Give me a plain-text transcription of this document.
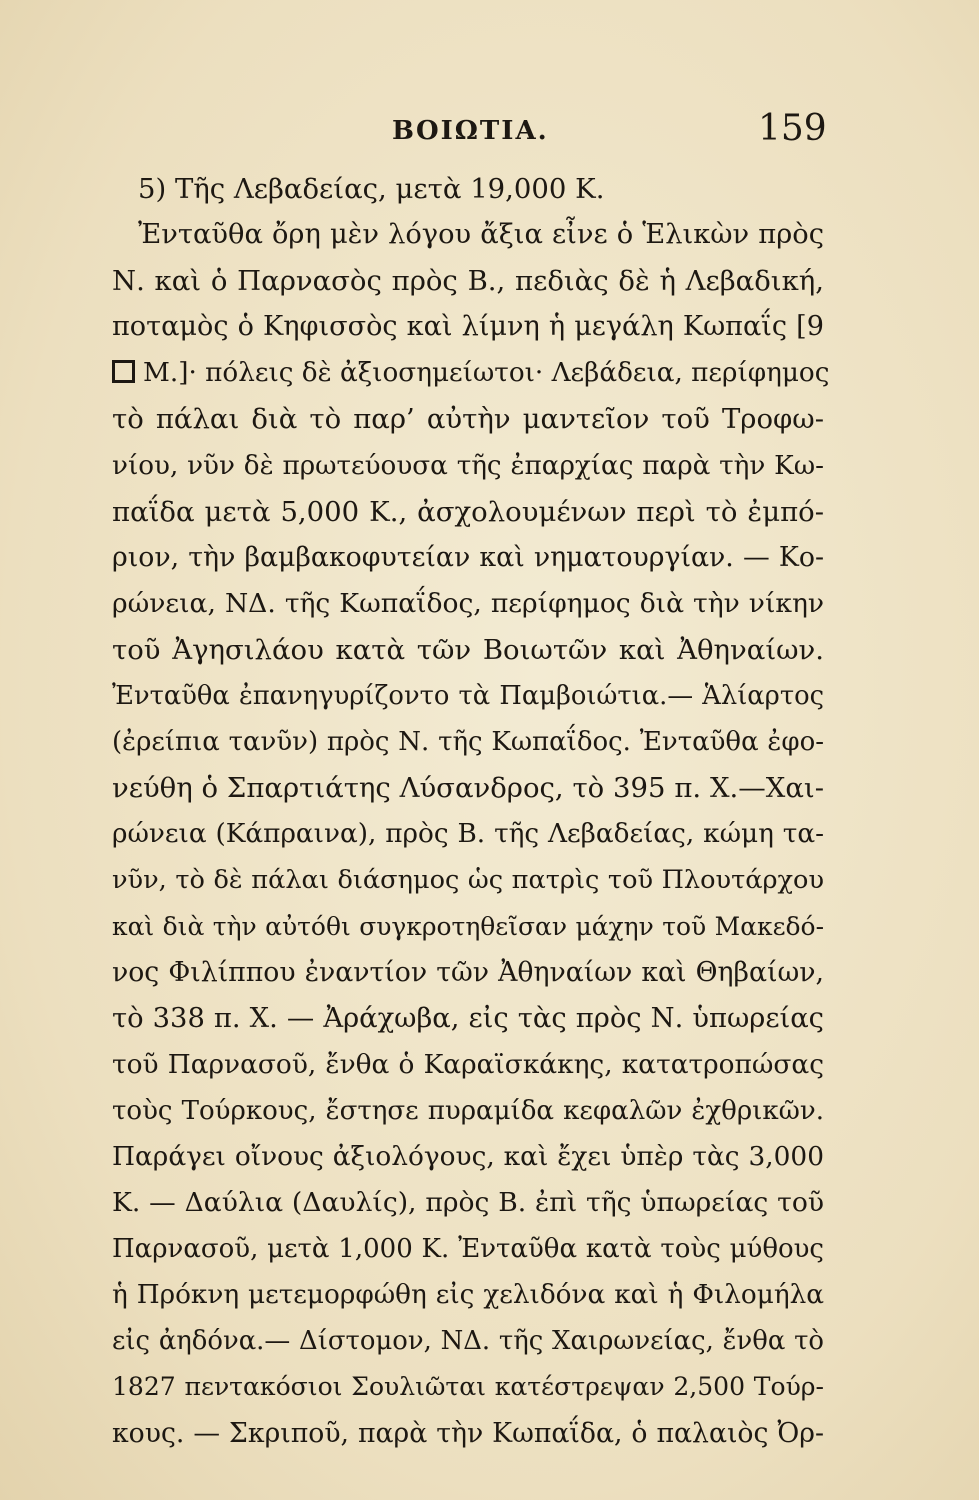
ΒΟΙΩΤΙΑ.	159
5) Τῆς Λεβαδείας, μετὰ 19,000 Κ.
Ἐνταῦθα ὄρη μὲν λόγου ἄξια εἶνε ὁ Ἑλικὼν πρὸς
Ν. καὶ ὁ Παρνασὸς πρὸς Β., πεδιὰς δὲ ἡ Λεβαδική,
ποταμὸς ὁ Κηφισσὸς καὶ λίμνη ἡ μεγάλη Κωπαΐς [9
Μ.]· πόλεις δὲ ἀξιοσημείωτοι· Λεβάδεια, περίφημος
τὸ πάλαι διὰ τὸ παρ’ αὐτὴν μαντεῖον τοῦ Τροφω-
νίου, νῦν δὲ πρωτεύουσα τῆς ἐπαρχίας παρὰ τὴν Κω-
παΐδα μετὰ 5,000 Κ., ἀσχολουμένων περὶ τὸ ἐμπό-
ριον, τὴν βαμβακοφυτείαν καὶ νηματουργίαν. — Κο-
ρώνεια, ΝΔ. τῆς Κωπαΐδος, περίφημος διὰ τὴν νίκην
τοῦ Ἀγησιλάου κατὰ τῶν Βοιωτῶν καὶ Ἀθηναίων.
Ἐνταῦθα ἐπανηγυρίζοντο τὰ Παμβοιώτια.— Ἁλίαρτος
(ἐρείπια τανῦν) πρὸς Ν. τῆς Κωπαΐδος. Ἐνταῦθα ἐφο-
νεύθη ὁ Σπαρτιάτης Λύσανδρος, τὸ 395 π. Χ.—Χαι-
ρώνεια (Κάπραινα), πρὸς Β. τῆς Λεβαδείας, κώμη τα-
νῦν, τὸ δὲ πάλαι διάσημος ὡς πατρὶς τοῦ Πλουτάρχου
καὶ διὰ τὴν αὐτόθι συγκροτηθεῖσαν μάχην τοῦ Μακεδό-
νος Φιλίππου ἐναντίον τῶν Ἀθηναίων καὶ Θηβαίων,
τὸ 338 π. Χ. — Ἀράχωβα, εἰς τὰς πρὸς Ν. ὑπωρείας
τοῦ Παρνασοῦ, ἔνθα ὁ Καραϊσκάκης, κατατροπώσας
τοὺς Τούρκους, ἔστησε πυραμίδα κεφαλῶν ἐχθρικῶν.
Παράγει οἴνους ἀξιολόγους, καὶ ἔχει ὑπὲρ τὰς 3,000
Κ. — Δαύλια (Δαυλίς), πρὸς Β. ἐπὶ τῆς ὑπωρείας τοῦ
Παρνασοῦ, μετὰ 1,000 Κ. Ἐνταῦθα κατὰ τοὺς μύθους
ἡ Πρόκνη μετεμορφώθη εἰς χελιδόνα καὶ ἡ Φιλομήλα
εἰς ἀηδόνα.— Δίστομον, ΝΔ. τῆς Χαιρωνείας, ἔνθα τὸ
1827 πεντακόσιοι Σουλιῶται κατέστρεψαν 2,500 Τούρ-
κους. — Σκριποῦ, παρὰ τὴν Κωπαΐδα, ὁ παλαιὸς Ὀρ-
